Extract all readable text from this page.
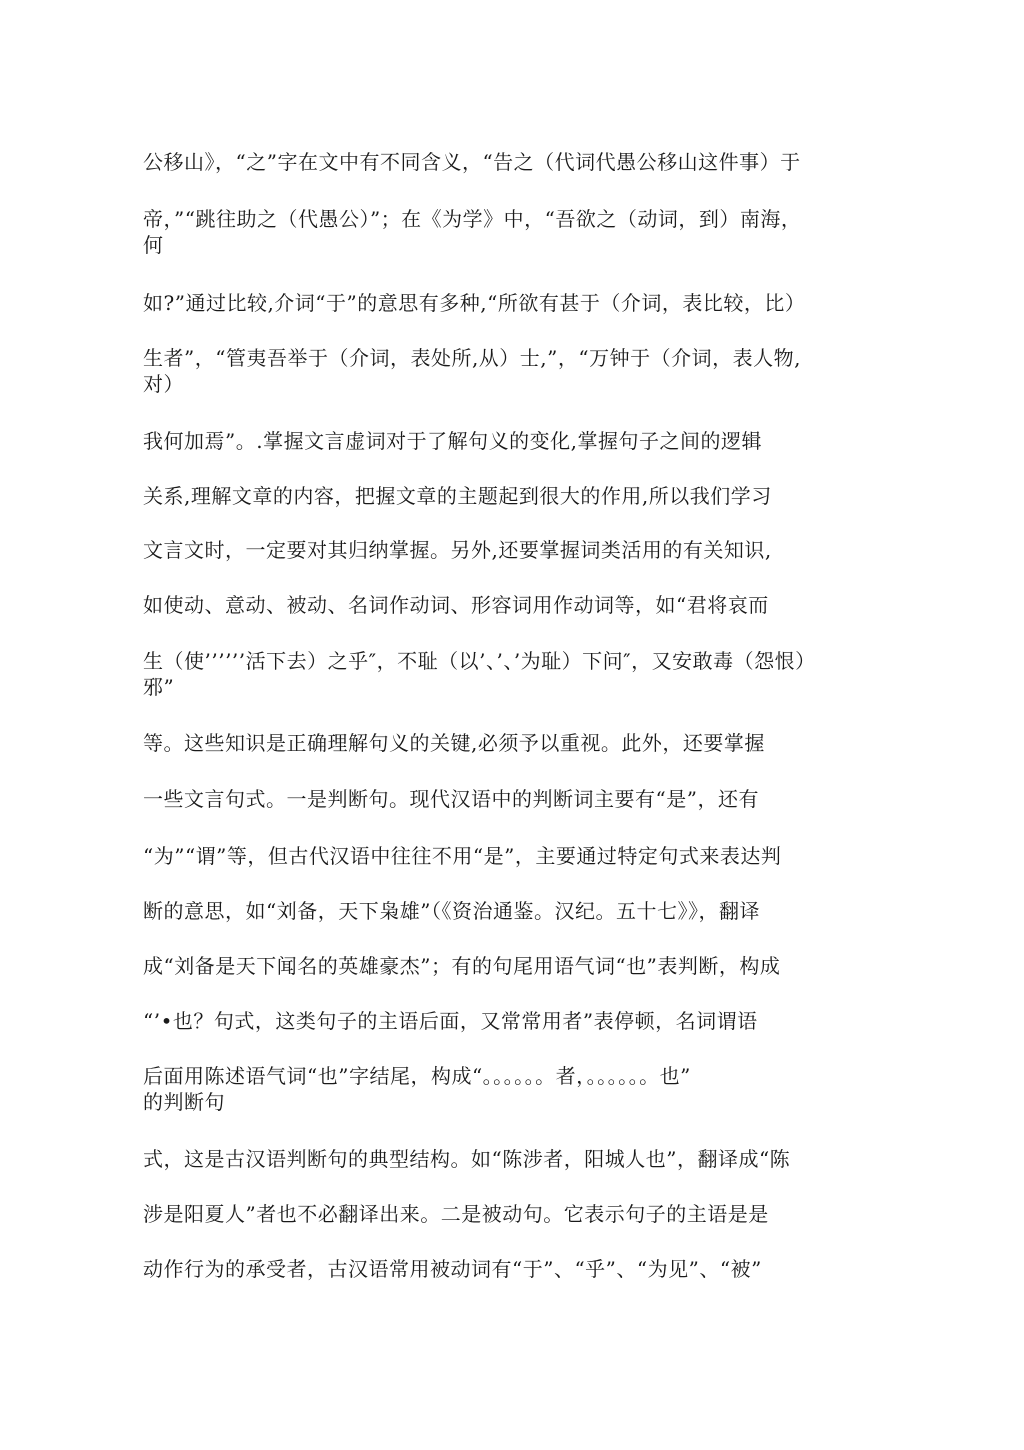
公移山》，“之”字在文中有不同含义，“告之（代词代愚公移山这件事）于
帝，”“跳往助之（代愚公）”；在《为学》中，“吾欲之（动词，到）南海，
何
如?”通过比较,介词“于”的意思有多种,“所欲有甚于（介词，表比较，比）
生者”，“管夷吾举于（介词，表处所,从）士,”，“万钟于（介词，表人物,
对）
我何加焉”。.掌握文言虚词对于了解句义的变化,掌握句子之间的逻辑
关系,理解文章的内容，把握文章的主题起到很大的作用,所以我们学习
文言文时，一定要对其归纳掌握。另外,还要掌握词类活用的有关知识,
如使动、意动、被动、名词作动词、形容词用作动词等，如“君将哀而
生（使’’’’’’活下去）之乎″，不耻（以’、’、’为耻）下问″，又安敢毒（怨恨）
邪”
等。这些知识是正确理解句义的关键,必须予以重视。此外，还要掌握
一些文言句式。一是判断句。现代汉语中的判断词主要有“是”，还有
“为”“谓”等，但古代汉语中往往不用“是”，主要通过特定句式来表达判
断的意思，如“刘备，天下枭雄”（《资治通鉴。汉纪。五十七》》，翻译
成“刘备是天下闻名的英雄豪杰”；有的句尾用语气词“也”表判断，构成
“’•也？句式，这类句子的主语后面，又常常用者”表停顿，名词谓语
后面用陈述语气词“也”字结尾，构成“。。。。。。者，。。。。。。也”
的判断句
式，这是古汉语判断句的典型结构。如“陈涉者，阳城人也”，翻译成“陈
涉是阳夏人”者也不必翻译出来。二是被动句。它表示句子的主语是是
动作行为的承受者，古汉语常用被动词有“于”、“乎”、“为见”、“被”
